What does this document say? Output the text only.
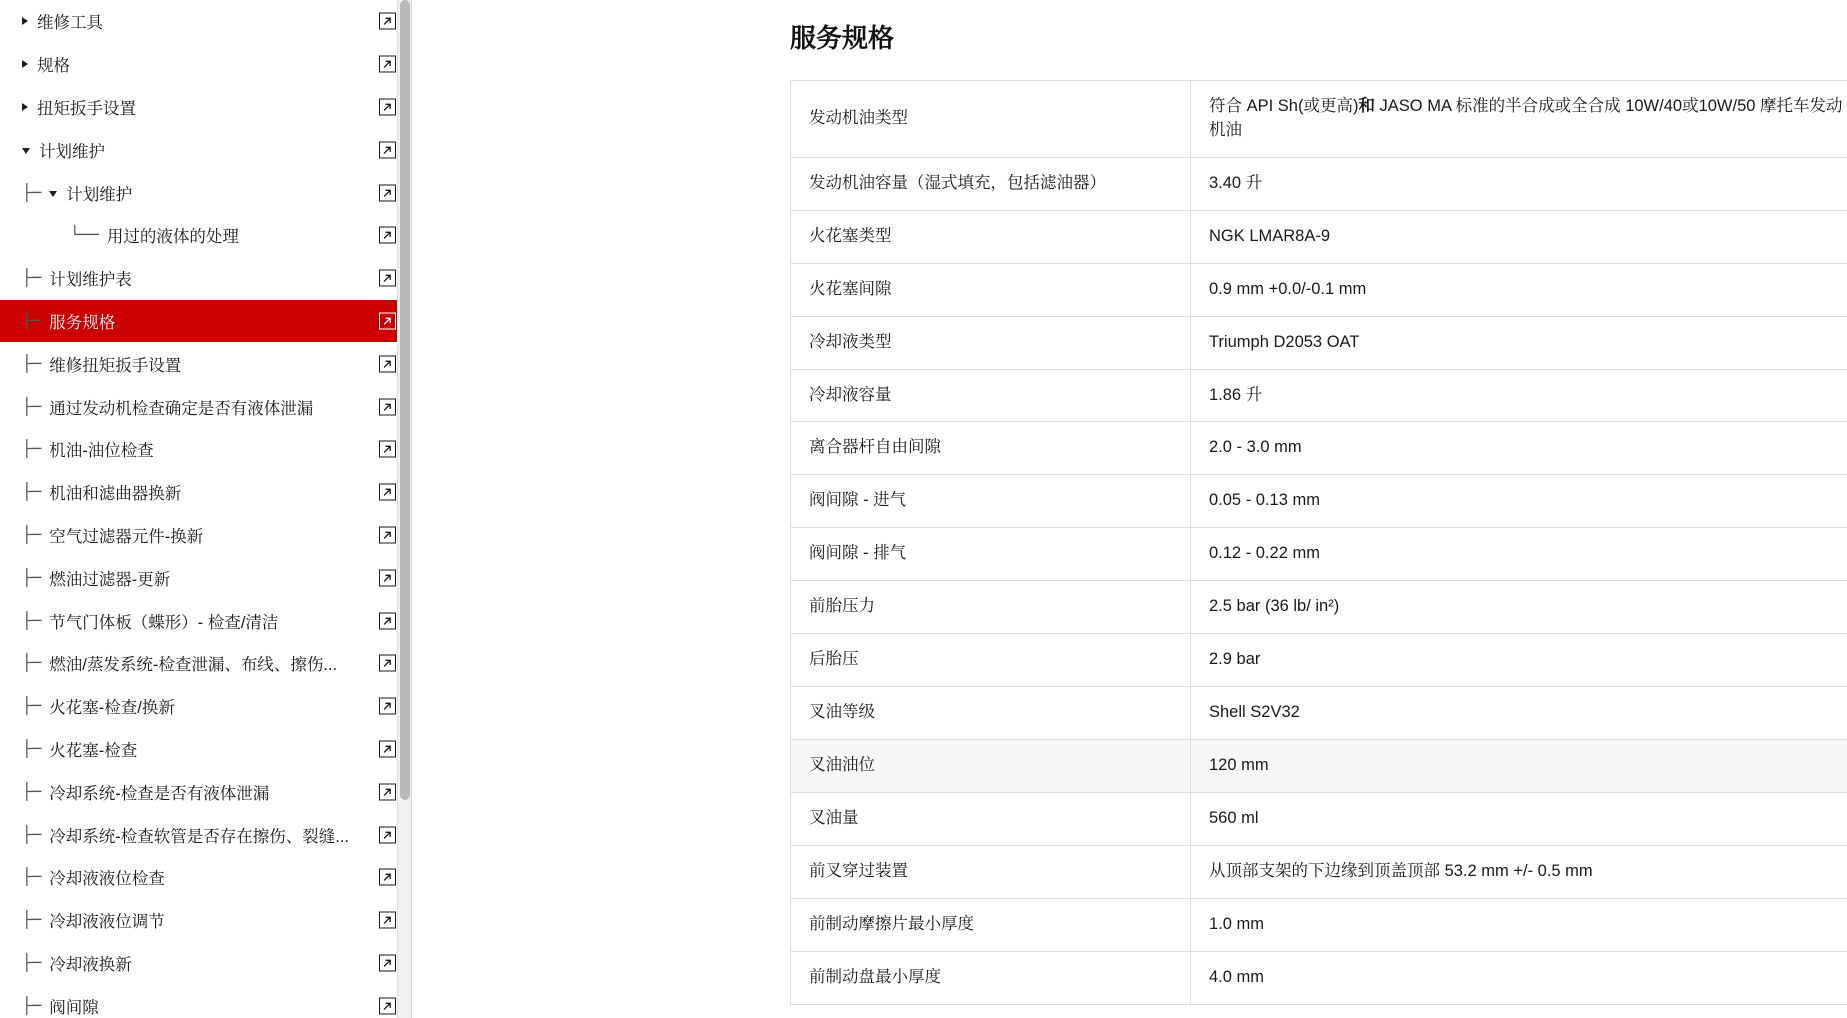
维修工具
规格
扭矩扳手设置
计划维护
├─ 计划维护
└── 用过的液体的处理
├─ 计划维护表
├─ 服务规格
├─ 维修扭矩扳手设置
├─ 通过发动机检查确定是否有液体泄漏
├─ 机油-油位检查
├─ 机油和滤曲器换新
├─ 空气过滤器元件-换新
├─ 燃油过滤器-更新
├─ 节气门体板（蝶形）- 检查/清洁
├─ 燃油/蒸发系统-检查泄漏、布线、擦伤...
├─ 火花塞-检查/换新
├─ 火花塞-检查
├─ 冷却系统-检查是否有液体泄漏
├─ 冷却系统-检查软管是否存在擦伤、裂缝...
├─ 冷却液液位检查
├─ 冷却液液位调节
├─ 冷却液换新
├─ 阀间隙
服务规格
发动机油类型	符合 API Sh(或更高)和 JASO MA 标准的半合成或全合成 10W/40或10W/50 摩托车发动机油
发动机油容量（湿式填充，包括滤油器）	3.40 升
火花塞类型	NGK LMAR8A-9
火花塞间隙	0.9 mm +0.0/-0.1 mm
冷却液类型	Triumph D2053 OAT
冷却液容量	1.86 升
离合器杆自由间隙	2.0 - 3.0 mm
阀间隙 - 进气	0.05 - 0.13 mm
阀间隙 - 排气	0.12 - 0.22 mm
前胎压力	2.5 bar (36 lb/ in²)
后胎压	2.9 bar
叉油等级	Shell S2V32
叉油油位	120 mm
叉油量	560 ml
前叉穿过装置	从顶部支架的下边缘到顶盖顶部 53.2 mm +/- 0.5 mm
前制动摩擦片最小厚度	1.0 mm
前制动盘最小厚度	4.0 mm
